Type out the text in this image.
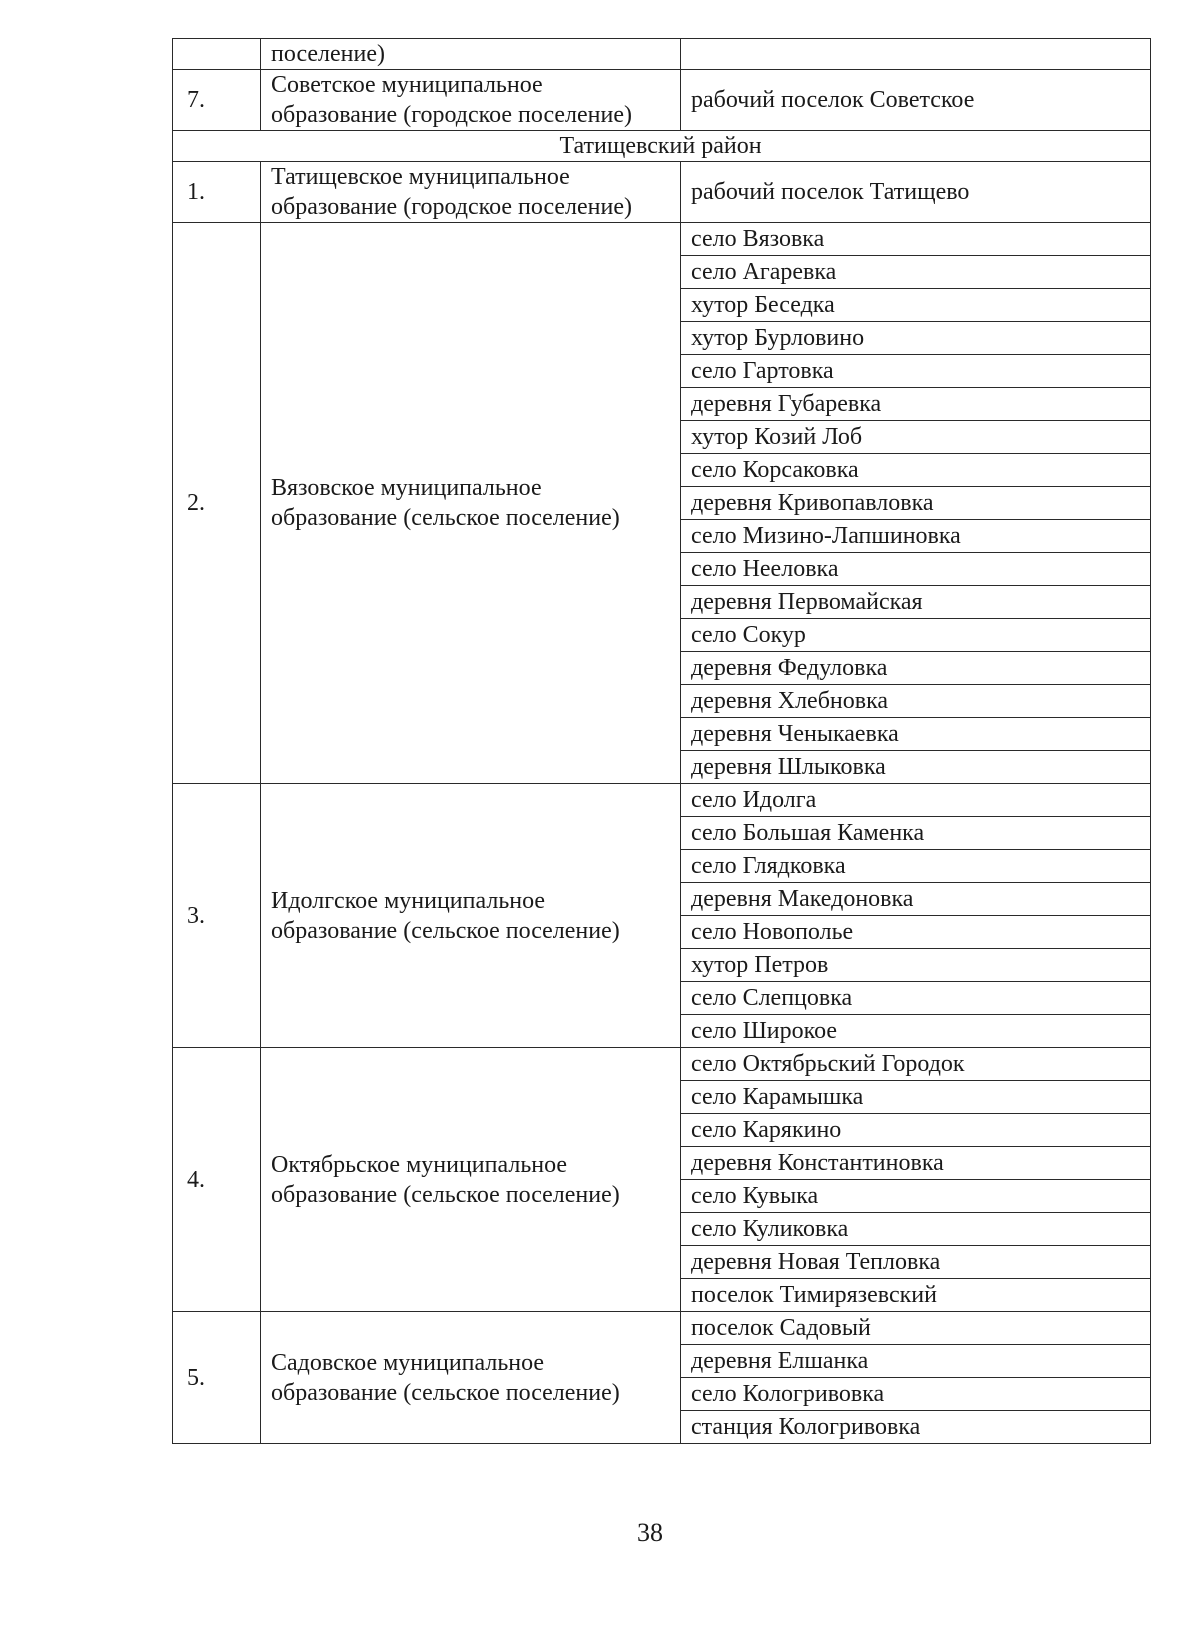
	поселение)	
7.	Советское муниципальное образование (городское поселение)	рабочий поселок Советское
Татищевский район		
1.	Татищевское муниципальное образование (городское поселение)	рабочий поселок Татищево
2.	Вязовское муниципальное образование (сельское поселение)	село Вязовка
		село Агаревка
		хутор Беседка
		хутор Бурловино
		село Гартовка
		деревня Губаревка
		хутор Козий Лоб
		село Корсаковка
		деревня Кривопавловка
		село Мизино-Лапшиновка
		село Нееловка
		деревня Первомайская
		село Сокур
		деревня Федуловка
		деревня Хлебновка
		деревня Ченыкаевка
		деревня Шлыковка
3.	Идолгское муниципальное образование (сельское поселение)	село Идолга
		село Большая Каменка
		село Глядковка
		деревня Македоновка
		село Новополье
		хутор Петров
		село Слепцовка
		село Широкое
4.	Октябрьское муниципальное образование (сельское поселение)	село Октябрьский Городок
		село Карамышка
		село Карякино
		деревня Константиновка
		село Кувыка
		село Куликовка
		деревня Новая Тепловка
		поселок Тимирязевский
5.	Садовское муниципальное образование (сельское поселение)	поселок Садовый
		деревня Елшанка
		село Кологривовка
		станция Кологривовка
38
